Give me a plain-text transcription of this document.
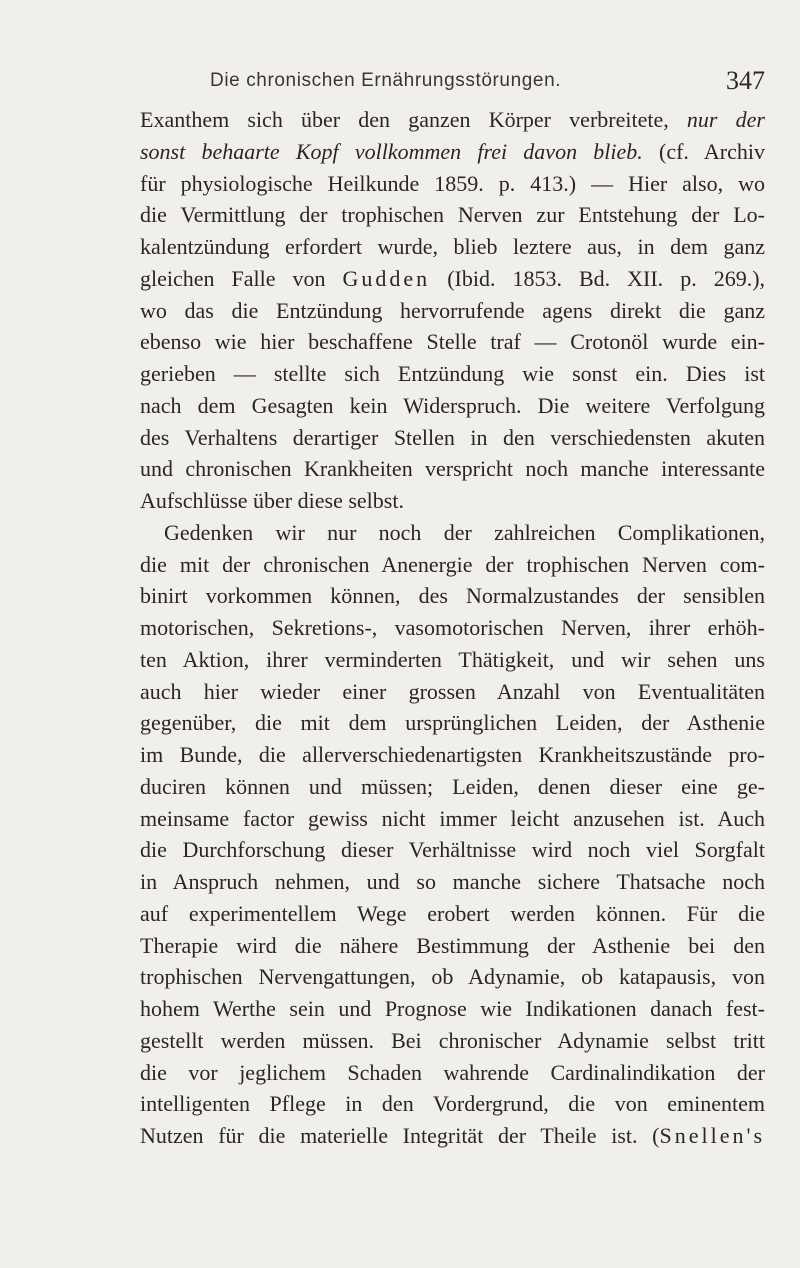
Die chronischen Ernährungsstörungen.	347
Exanthem sich über den ganzen Körper verbreitete, nur der
sonst behaarte Kopf vollkommen frei davon blieb. (cf. Archiv
für physiologische Heilkunde 1859. p. 413.) — Hier also, wo
die Vermittlung der trophischen Nerven zur Entstehung der Lo-
kalentzündung erfordert wurde, blieb leztere aus, in dem ganz
gleichen Falle von Gudden (Ibid. 1853. Bd. XII. p. 269.),
wo das die Entzündung hervorrufende agens direkt die ganz
ebenso wie hier beschaffene Stelle traf — Crotonöl wurde ein-
gerieben — stellte sich Entzündung wie sonst ein. Dies ist
nach dem Gesagten kein Widerspruch. Die weitere Verfolgung
des Verhaltens derartiger Stellen in den verschiedensten akuten
und chronischen Krankheiten verspricht noch manche interessante
Aufschlüsse über diese selbst.
Gedenken wir nur noch der zahlreichen Complikationen,
die mit der chronischen Anenergie der trophischen Nerven com-
binirt vorkommen können, des Normalzustandes der sensiblen
motorischen, Sekretions-, vasomotorischen Nerven, ihrer erhöh-
ten Aktion, ihrer verminderten Thätigkeit, und wir sehen uns
auch hier wieder einer grossen Anzahl von Eventualitäten
gegenüber, die mit dem ursprünglichen Leiden, der Asthenie
im Bunde, die allerverschiedenartigsten Krankheitszustände pro-
duciren können und müssen; Leiden, denen dieser eine ge-
meinsame factor gewiss nicht immer leicht anzusehen ist. Auch
die Durchforschung dieser Verhältnisse wird noch viel Sorgfalt
in Anspruch nehmen, und so manche sichere Thatsache noch
auf experimentellem Wege erobert werden können. Für die
Therapie wird die nähere Bestimmung der Asthenie bei den
trophischen Nervengattungen, ob Adynamie, ob katapausis, von
hohem Werthe sein und Prognose wie Indikationen danach fest-
gestellt werden müssen. Bei chronischer Adynamie selbst tritt
die vor jeglichem Schaden wahrende Cardinalindikation der
intelligenten Pflege in den Vordergrund, die von eminentem
Nutzen für die materielle Integrität der Theile ist. (Snellen's
